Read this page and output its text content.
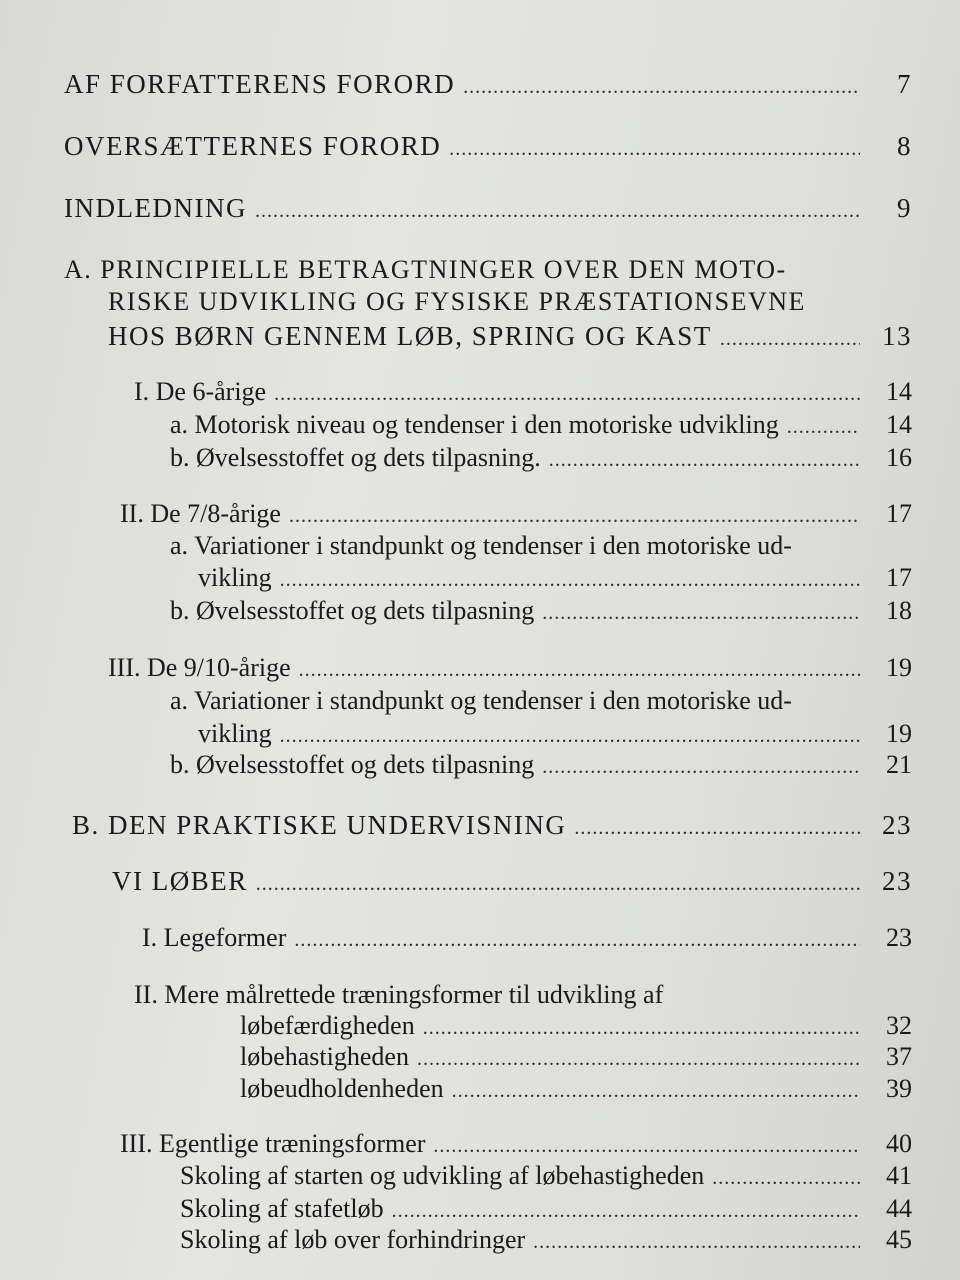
AF FORFATTERENS FORORD .....	7
OVERSÆTTERNES FORORD .....	8
INDLEDNING .....	9
A. PRINCIPIELLE BETRAGTNINGER OVER DEN MOTO-
RISKE UDVIKLING OG FYSISKE PRÆSTATIONSEVNE
HOS BØRN GENNEM LØB, SPRING OG KAST .....	13
I. De 6-årige .....	14
a. Motorisk niveau og tendenser i den motoriske udvikling .....	14
b. Øvelsesstoffet og dets tilpasning. .....	16
II. De 7/8-årige .....	17
a. Variationer i standpunkt og tendenser i den motoriske ud-
vikling .....	17
b. Øvelsesstoffet og dets tilpasning .....	18
III. De 9/10-årige .....	19
a. Variationer i standpunkt og tendenser i den motoriske ud-
vikling .....	19
b. Øvelsesstoffet og dets tilpasning .....	21
B. DEN PRAKTISKE UNDERVISNING .....	23
VI LØBER .....	23
I. Legeformer .....	23
II. Mere målrettede træningsformer til udvikling af
løbefærdigheden .....	32
løbehastigheden .....	37
løbeudholdenheden .....	39
III. Egentlige træningsformer .....	40
Skoling af starten og udvikling af løbehastigheden .....	41
Skoling af stafetløb .....	44
Skoling af løb over forhindringer .....	45
